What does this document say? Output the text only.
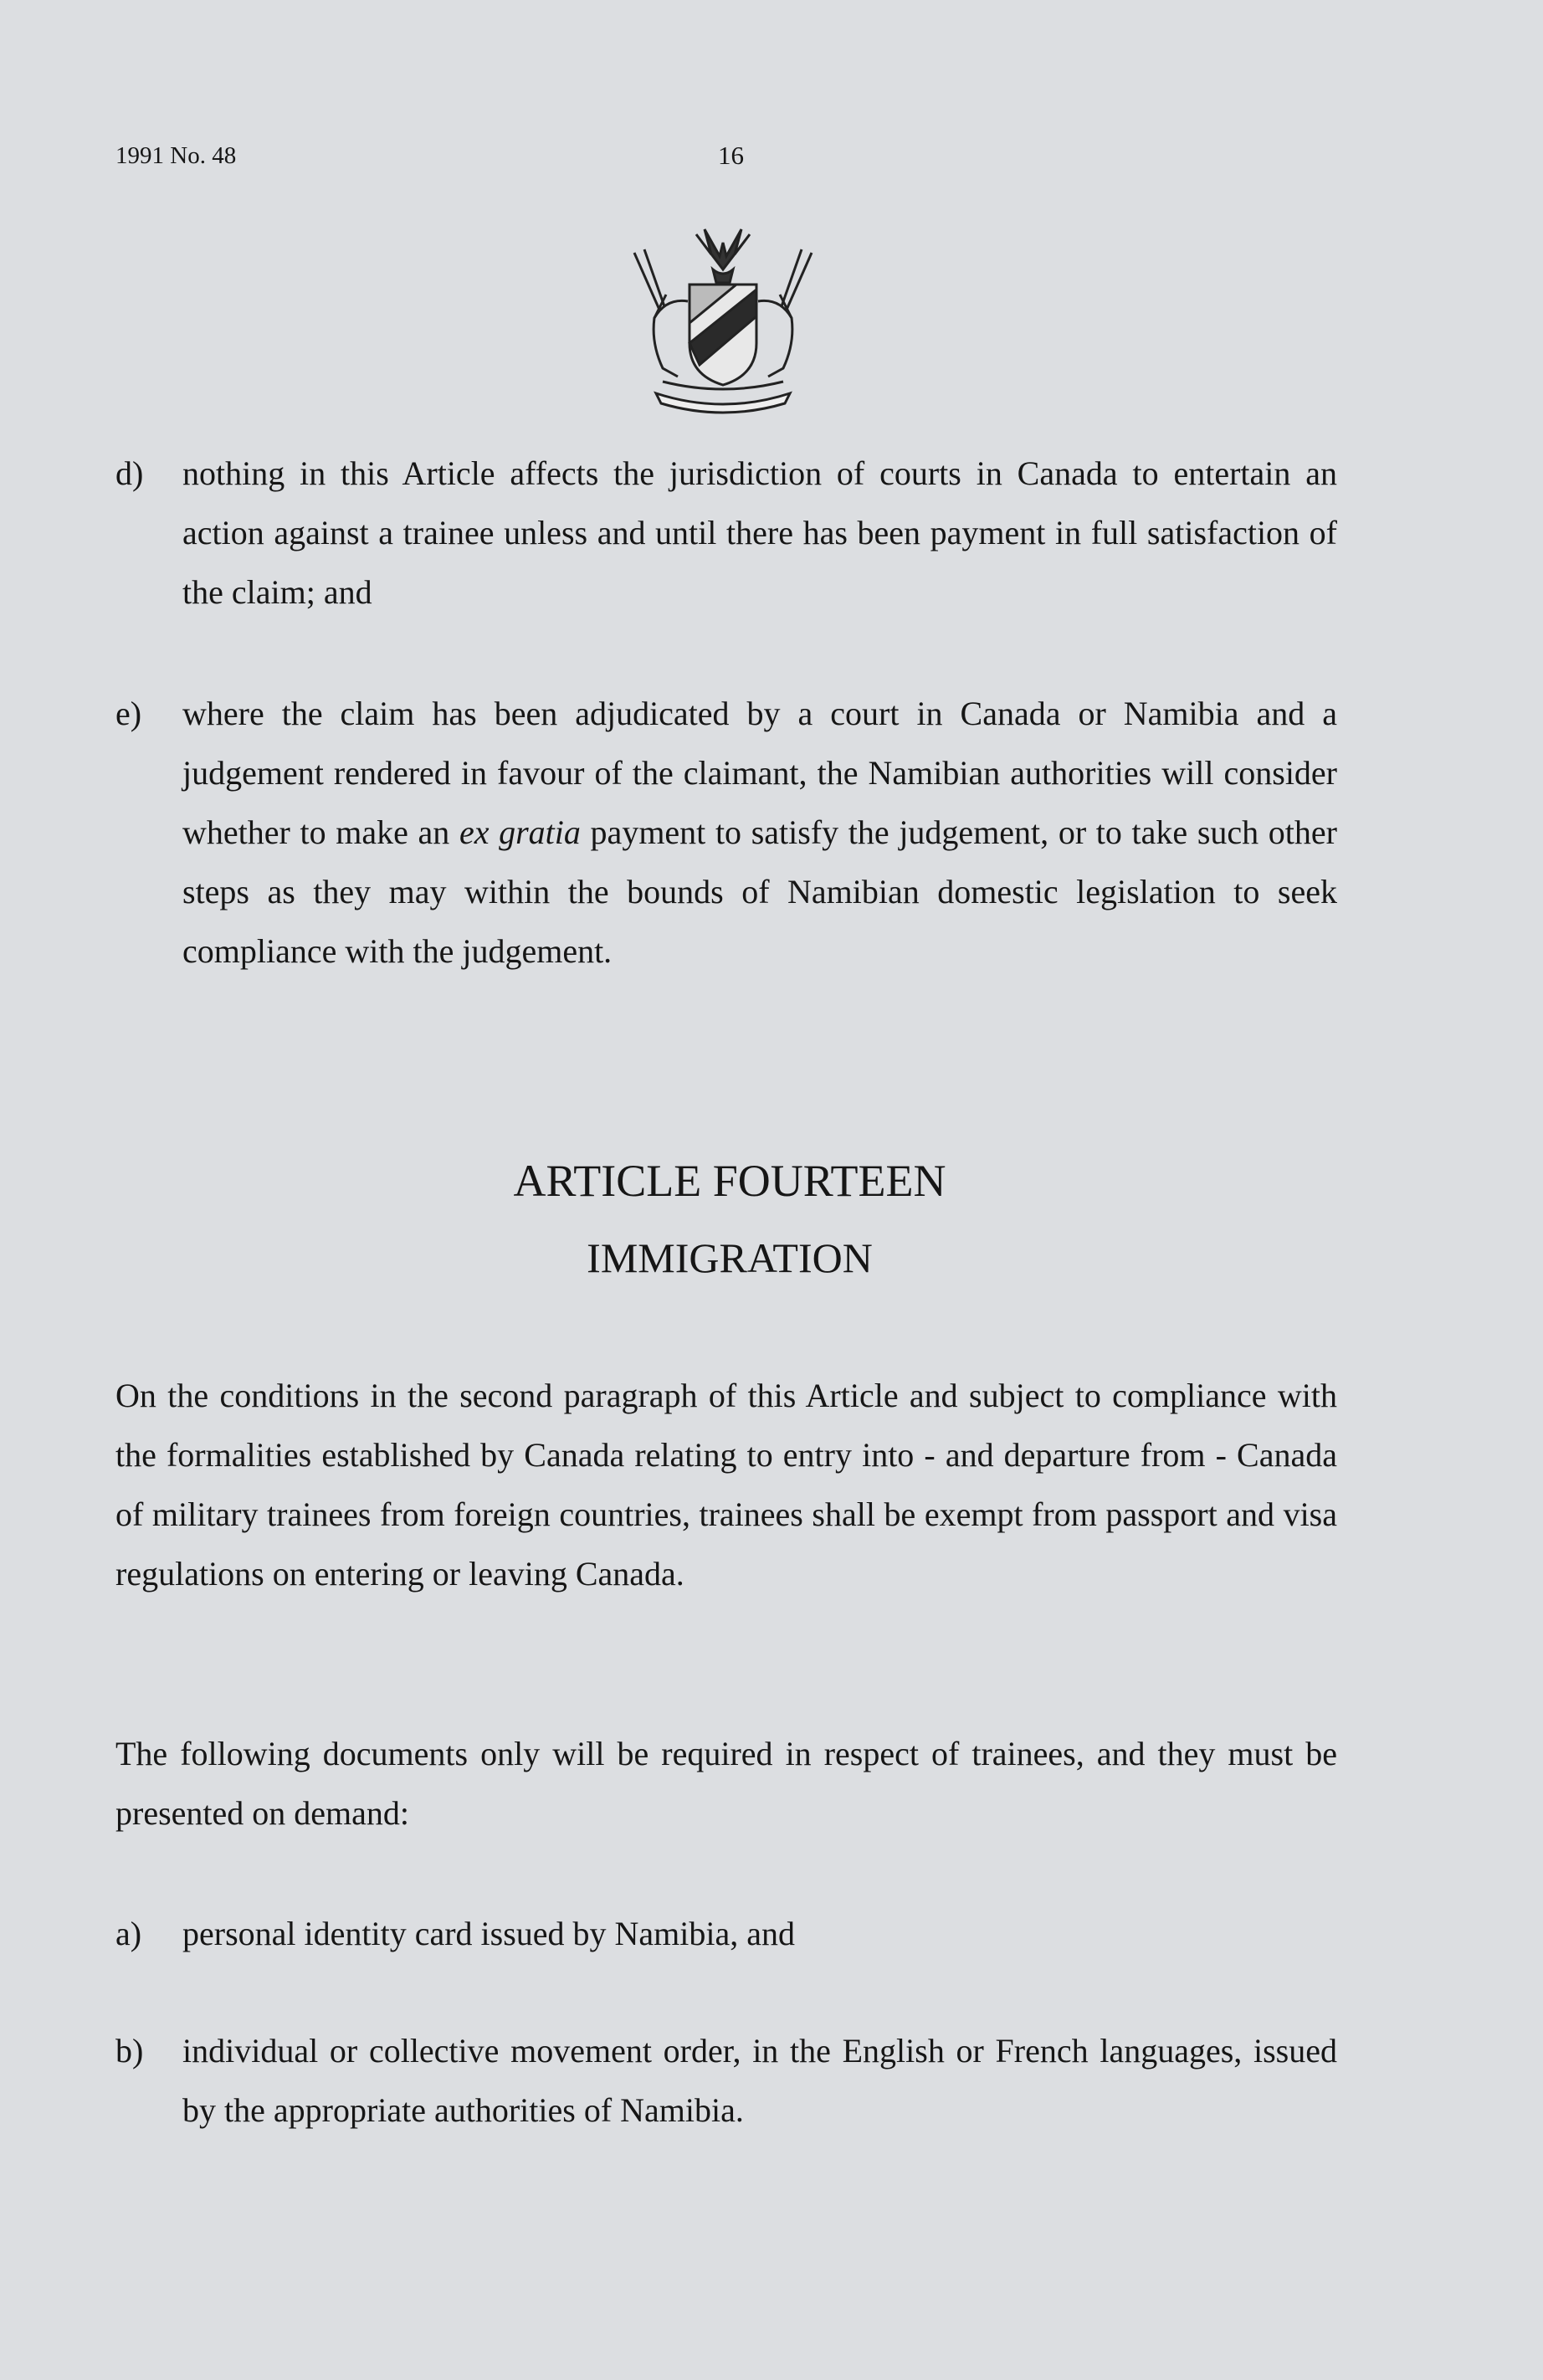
1991 No. 48	16
d)	nothing in this Article affects the jurisdiction of courts in Canada to entertain an action against a trainee unless and until there has been payment in full satisfaction of the claim; and
e)	where the claim has been adjudicated by a court in Canada or Namibia and a judgement rendered in favour of the claimant, the Namibian authorities will consider whether to make an ex gratia payment to satisfy the judgement, or to take such other steps as they may within the bounds of Namibian domestic legislation to seek compliance with the judgement.
ARTICLE FOURTEEN
IMMIGRATION

On the conditions in the second paragraph of this Article and subject to compliance with the formalities established by Canada relating to entry into - and departure from - Canada of military trainees from foreign countries, trainees shall be exempt from passport and visa regulations on entering or leaving Canada.

The following documents only will be required in respect of trainees, and they must be presented on demand:

a)	personal identity card issued by Namibia, and
b)	individual or collective movement order, in the English or French languages, issued by the appropriate authorities of Namibia.
